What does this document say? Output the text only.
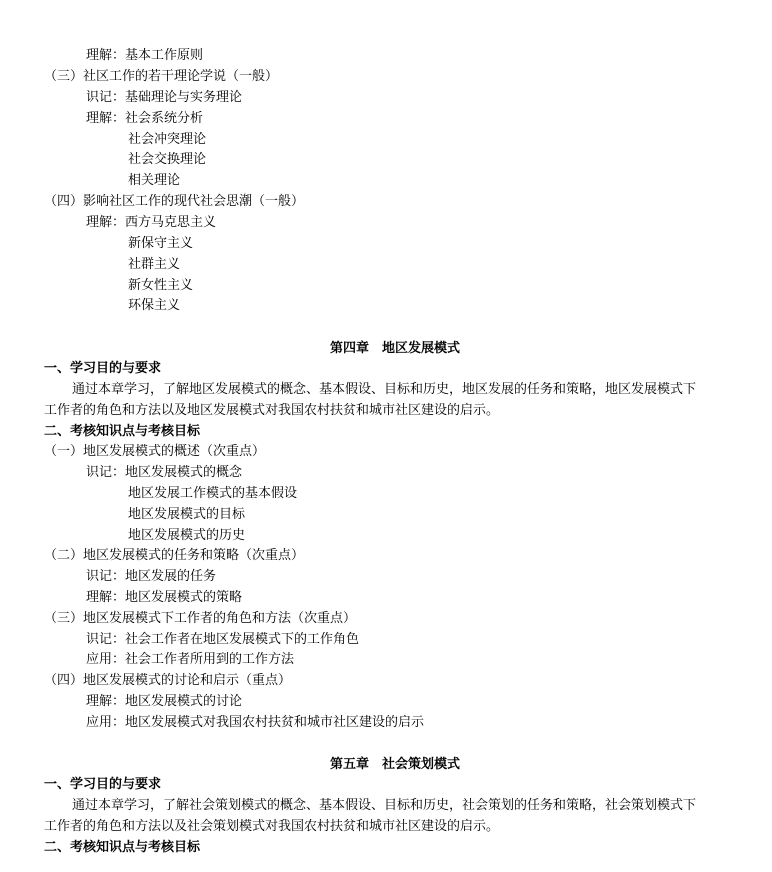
理解：基本工作原则
（三）社区工作的若干理论学说（一般）
识记：基础理论与实务理论
理解：社会系统分析
社会冲突理论
社会交换理论
相关理论
（四）影响社区工作的现代社会思潮（一般）
理解：西方马克思主义
新保守主义
社群主义
新女性主义
环保主义
第四章　地区发展模式
一、学习目的与要求
通过本章学习，了解地区发展模式的概念、基本假设、目标和历史，地区发展的任务和策略，地区发展模式下
工作者的角色和方法以及地区发展模式对我国农村扶贫和城市社区建设的启示。
二、考核知识点与考核目标
（一）地区发展模式的概述（次重点）
识记：地区发展模式的概念
地区发展工作模式的基本假设
地区发展模式的目标
地区发展模式的历史
（二）地区发展模式的任务和策略（次重点）
识记：地区发展的任务
理解：地区发展模式的策略
（三）地区发展模式下工作者的角色和方法（次重点）
识记：社会工作者在地区发展模式下的工作角色
应用：社会工作者所用到的工作方法
（四）地区发展模式的讨论和启示（重点）
理解：地区发展模式的讨论
应用：地区发展模式对我国农村扶贫和城市社区建设的启示
第五章　社会策划模式
一、学习目的与要求
通过本章学习，了解社会策划模式的概念、基本假设、目标和历史，社会策划的任务和策略，社会策划模式下
工作者的角色和方法以及社会策划模式对我国农村扶贫和城市社区建设的启示。
二、考核知识点与考核目标
